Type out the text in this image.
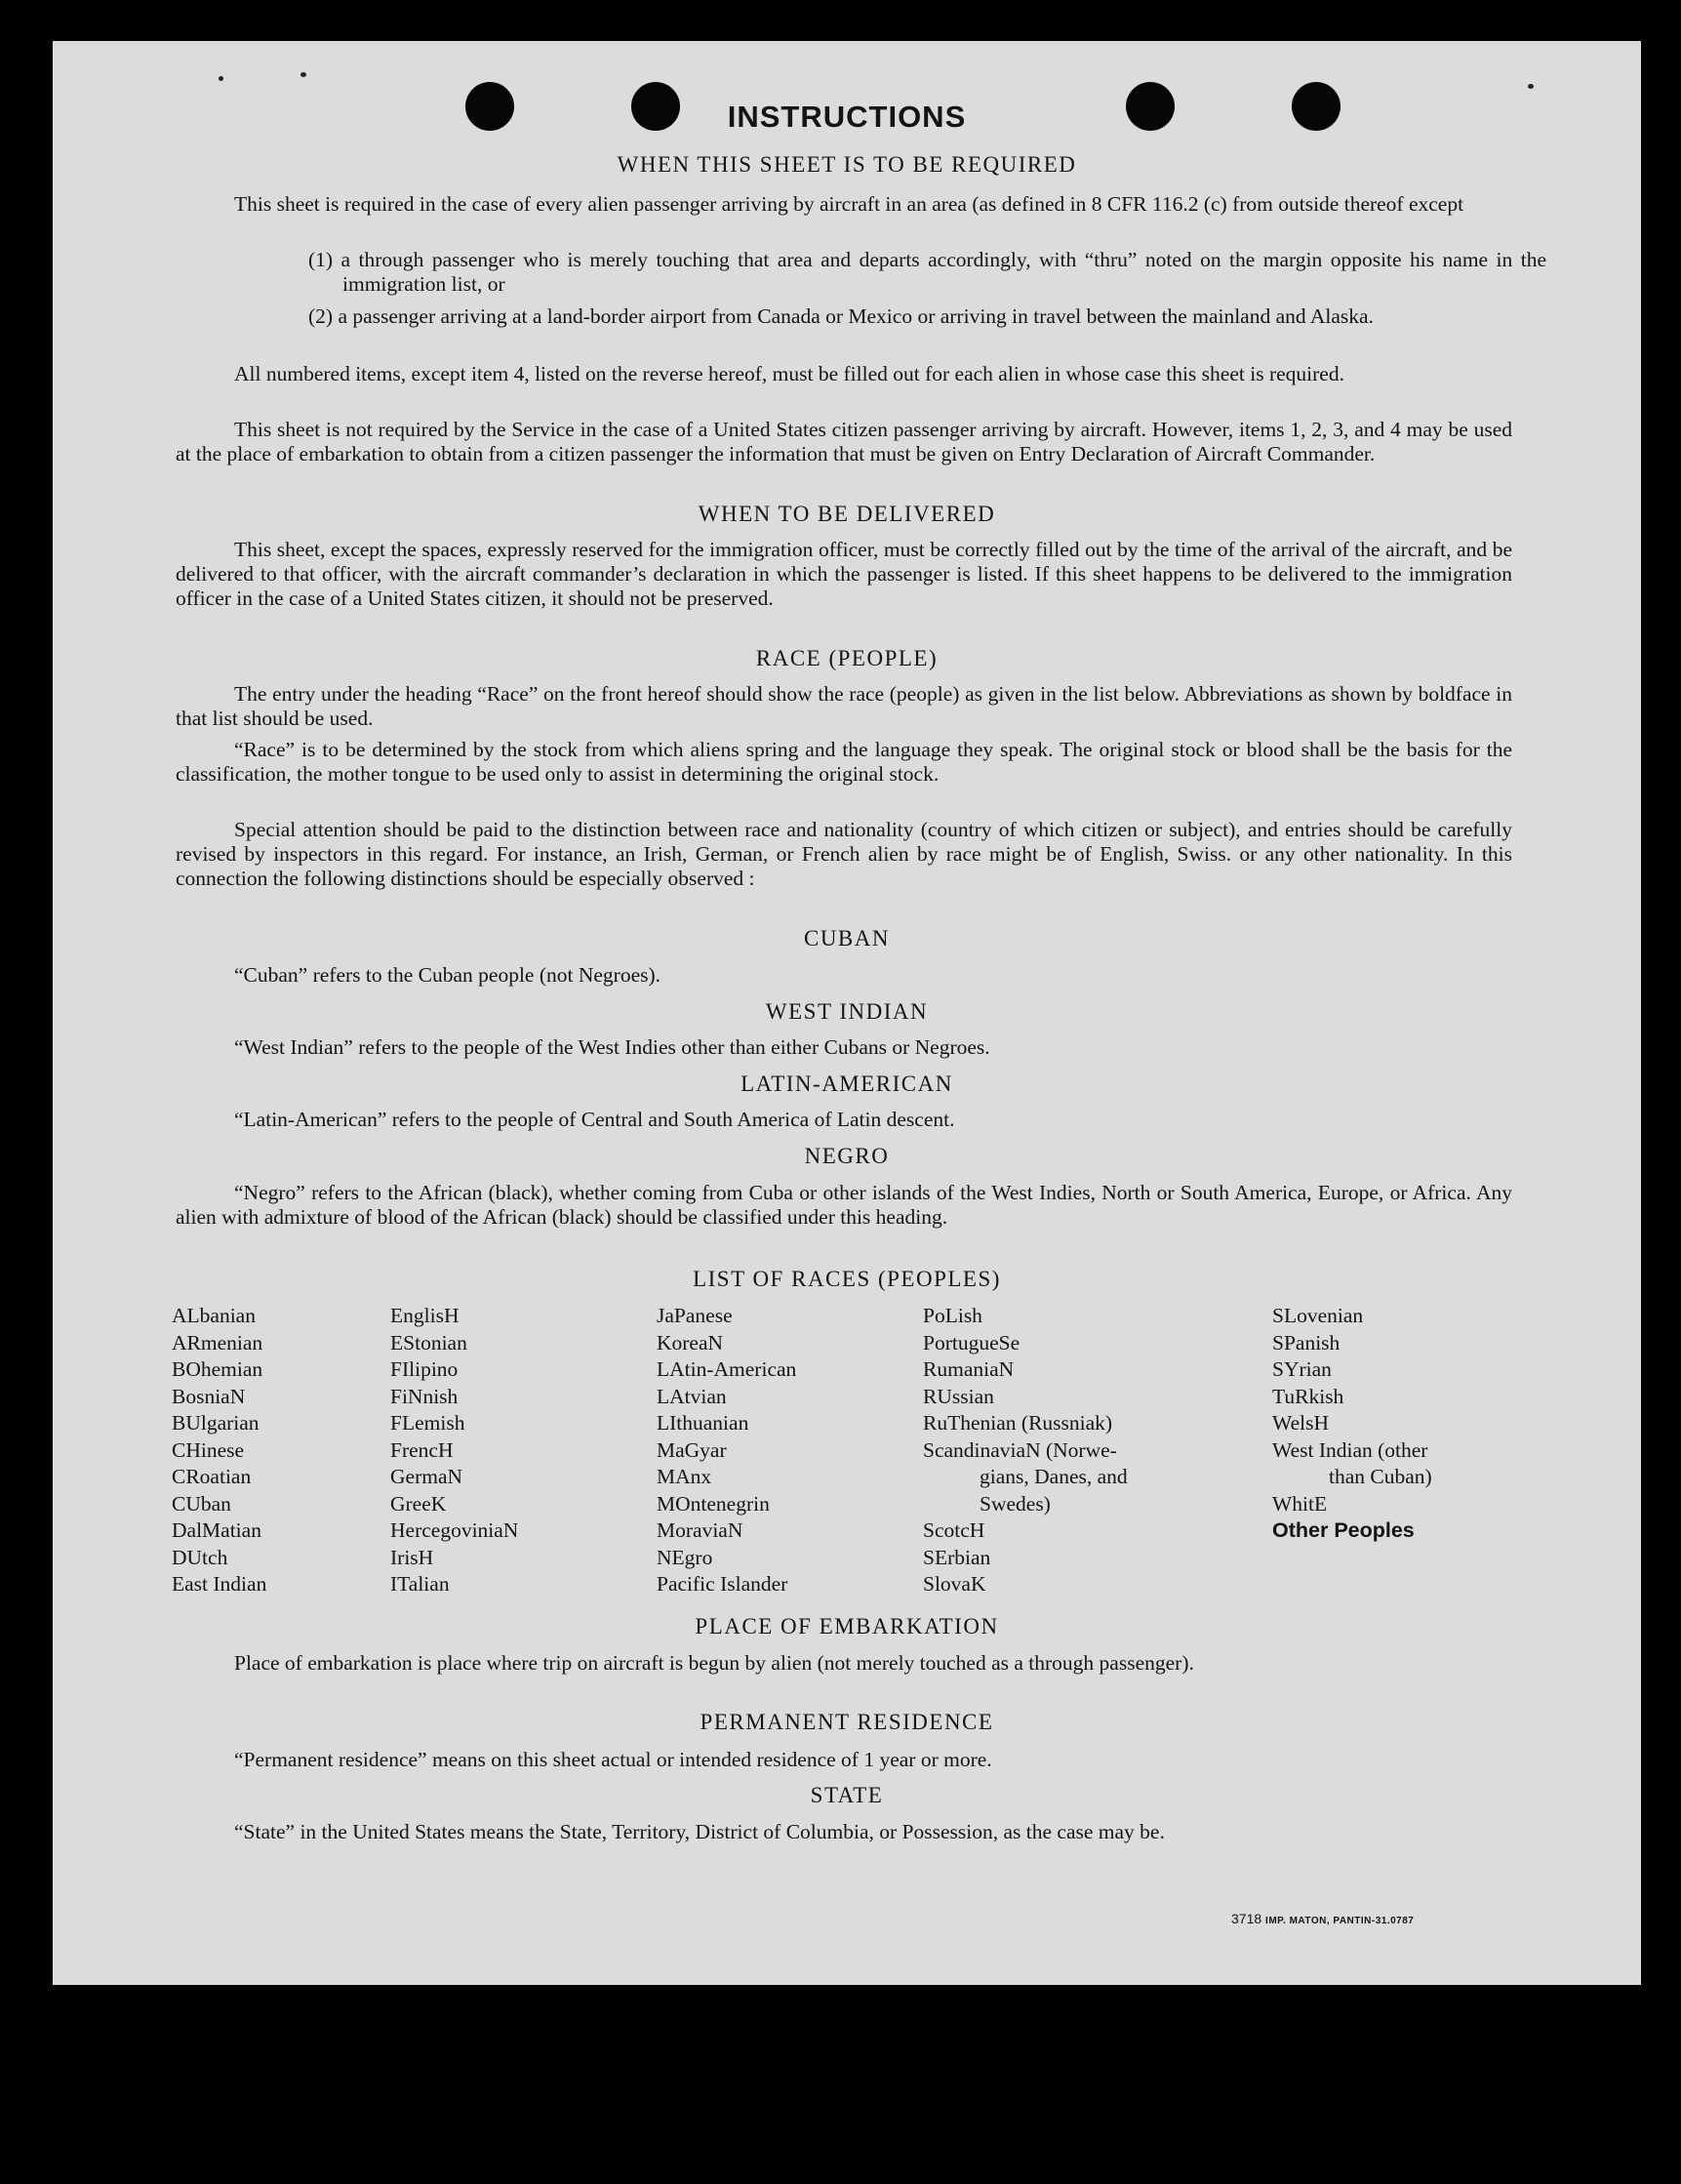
INSTRUCTIONS
WHEN THIS SHEET IS TO BE REQUIRED
This sheet is required in the case of every alien passenger arriving by aircraft in an area (as defined in 8 CFR 116.2 (c) from outside thereof except
(1) a through passenger who is merely touching that area and departs accordingly, with “thru” noted on the margin opposite his name in the immigration list, or
(2) a passenger arriving at a land-border airport from Canada or Mexico or arriving in travel between the mainland and Alaska.
All numbered items, except item 4, listed on the reverse hereof, must be filled out for each alien in whose case this sheet is required.
This sheet is not required by the Service in the case of a United States citizen passenger arriving by aircraft. However, items 1, 2, 3, and 4 may be used at the place of embarkation to obtain from a citizen passenger the information that must be given on Entry Declaration of Aircraft Commander.
WHEN TO BE DELIVERED
This sheet, except the spaces, expressly reserved for the immigration officer, must be correctly filled out by the time of the arrival of the aircraft, and be delivered to that officer, with the aircraft commander’s declaration in which the passenger is listed. If this sheet happens to be delivered to the immigration officer in the case of a United States citizen, it should not be preserved.
RACE (PEOPLE)
The entry under the heading “Race” on the front hereof should show the race (people) as given in the list below. Abbreviations as shown by boldface in that list should be used.
“Race” is to be determined by the stock from which aliens spring and the language they speak. The original stock or blood shall be the basis for the classification, the mother tongue to be used only to assist in determining the original stock.
Special attention should be paid to the distinction between race and nationality (country of which citizen or subject), and entries should be carefully revised by inspectors in this regard. For instance, an Irish, German, or French alien by race might be of English, Swiss. or any other nationality. In this connection the following distinctions should be especially observed :
CUBAN
“Cuban” refers to the Cuban people (not Negroes).
WEST INDIAN
“West Indian” refers to the people of the West Indies other than either Cubans or Negroes.
LATIN-AMERICAN
“Latin-American” refers to the people of Central and South America of Latin descent.
NEGRO
“Negro” refers to the African (black), whether coming from Cuba or other islands of the West Indies, North or South America, Europe, or Africa. Any alien with admixture of blood of the African (black) should be classified under this heading.
LIST OF RACES (PEOPLES)
ALbanian
ARmenian
BOhemian
BosniaN
BUlgarian
CHinese
CRoatian
CUban
DalMatian
DUtch
East Indian
EnglisH
EStonian
FIlipino
FiNnish
FLemish
FrencH
GermaN
GreeK
HercegoviniaN
IrisH
ITalian
JaPanese
KoreaN
LAtin-American
LAtvian
LIthuanian
MaGyar
MAnx
MOntenegrin
MoraviaN
NEgro
Pacific Islander
PoLish
PortugueSe
RumaniaN
RUssian
RuThenian (Russniak)
ScandinaviaN (Norwe-
gians, Danes, and
Swedes)
ScotcH
SErbian
SlovaK
SLovenian
SPanish
SYrian
TuRkish
WelsH
West Indian (other
than Cuban)
WhitE
Other Peoples
PLACE OF EMBARKATION
Place of embarkation is place where trip on aircraft is begun by alien (not merely touched as a through passenger).
PERMANENT RESIDENCE
“Permanent residence” means on this sheet actual or intended residence of 1 year or more.
STATE
“State” in the United States means the State, Territory, District of Columbia, or Possession, as the case may be.
3718 IMP. MATON, PANTIN-31.0787
